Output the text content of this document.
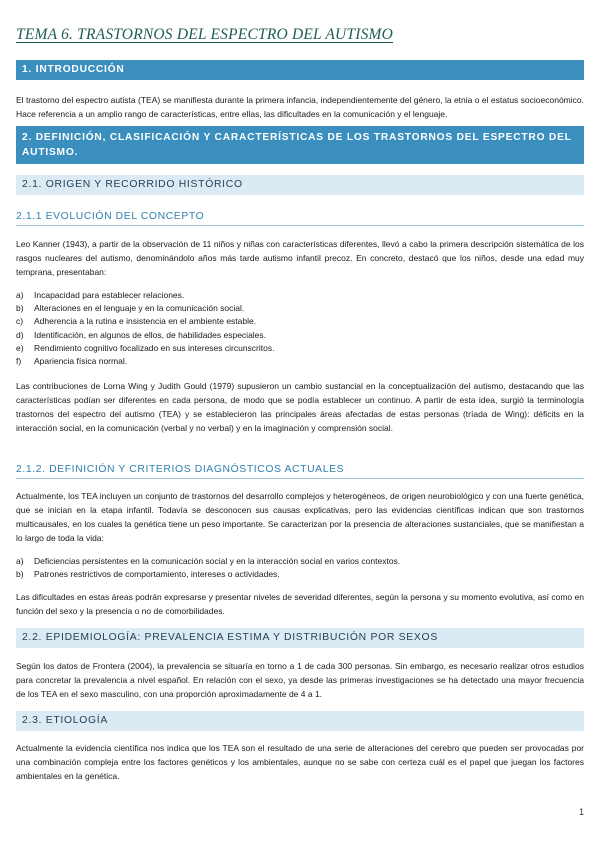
TEMA 6. TRASTORNOS DEL ESPECTRO DEL AUTISMO
1. INTRODUCCIÓN

El trastorno del espectro autista (TEA) se manifiesta durante la primera infancia, independientemente del género, la etnia o el estatus socioeconómico. Hace referencia a un amplio rango de características, entre ellas, las dificultades en la comunicación y el lenguaje.

2. DEFINICIÓN, CLASIFICACIÓN Y CARACTERÍSTICAS DE LOS TRASTORNOS DEL ESPECTRO DEL AUTISMO.
2.1. ORIGEN Y RECORRIDO HISTÓRICO
2.1.1 EVOLUCIÓN DEL CONCEPTO

Leo Kanner (1943), a partir de la observación de 11 niños y niñas con características diferentes, llevó a cabo la primera descripción sistemática de los rasgos nucleares del autismo, denominándolo años más tarde autismo infantil precoz. En concreto, destacó que los niños, desde una edad muy temprana, presentaban:

a) Incapacidad para establecer relaciones.
b) Alteraciones en el lenguaje y en la comunicación social.
c) Adherencia a la rutina e insistencia en el ambiente estable.
d) Identificación, en algunos de ellos, de habilidades especiales.
e) Rendimiento cognitivo focalizado en sus intereses circunscritos.
f) Apariencia física normal.

Las contribuciones de Lorna Wing y Judith Gould (1979) supusieron un cambio sustancial en la conceptualización del autismo, destacando que las características podían ser diferentes en cada persona, de modo que se podía establecer un continuo. A partir de esta idea, surgió la terminología trastornos del espectro del autismo (TEA) y se establecieron las principales áreas afectadas de estas personas (tríada de Wing): déficits en la interacción social, en la comunicación (verbal y no verbal) y en la imaginación y comprensión social.

2.1.2. DEFINICIÓN Y CRITERIOS DIAGNÓSTICOS ACTUALES

Actualmente, los TEA incluyen un conjunto de trastornos del desarrollo complejos y heterogéneos, de origen neurobiológico y con una fuerte genética, que se inician en la etapa infantil. Todavía se desconocen sus causas explicativas, pero las evidencias científicas indican que son trastornos multicausales, en los cuales la genética tiene un peso importante. Se caracterizan por la presencia de alteraciones sustanciales, que se manifiestan a lo largo de toda la vida:

a) Deficiencias persistentes en la comunicación social y en la interacción social en varios contextos.
b) Patrones restrictivos de comportamiento, intereses o actividades.

Las dificultades en estas áreas podrán expresarse y presentar niveles de severidad diferentes, según la persona y su momento evolutiva, así como en función del sexo y la presencia o no de comorbilidades.

2.2. EPIDEMIOLOGÍA: PREVALENCIA ESTIMA Y DISTRIBUCIÓN POR SEXOS

Según los datos de Frontera (2004), la prevalencia se situaría en torno a 1 de cada 300 personas. Sin embargo, es necesario realizar otros estudios para concretar la prevalencia a nivel español. En relación con el sexo, ya desde las primeras investigaciones se ha detectado una mayor frecuencia de los TEA en el sexo masculino, con una proporción aproximadamente de 4 a 1.

2.3. ETIOLOGÍA

Actualmente la evidencia científica nos indica que los TEA son el resultado de una serie de alteraciones del cerebro que pueden ser provocadas por una combinación compleja entre los factores genéticos y los ambientales, aunque no se sabe con certeza cuál es el papel que juegan los factores ambientales en la genética.

1
